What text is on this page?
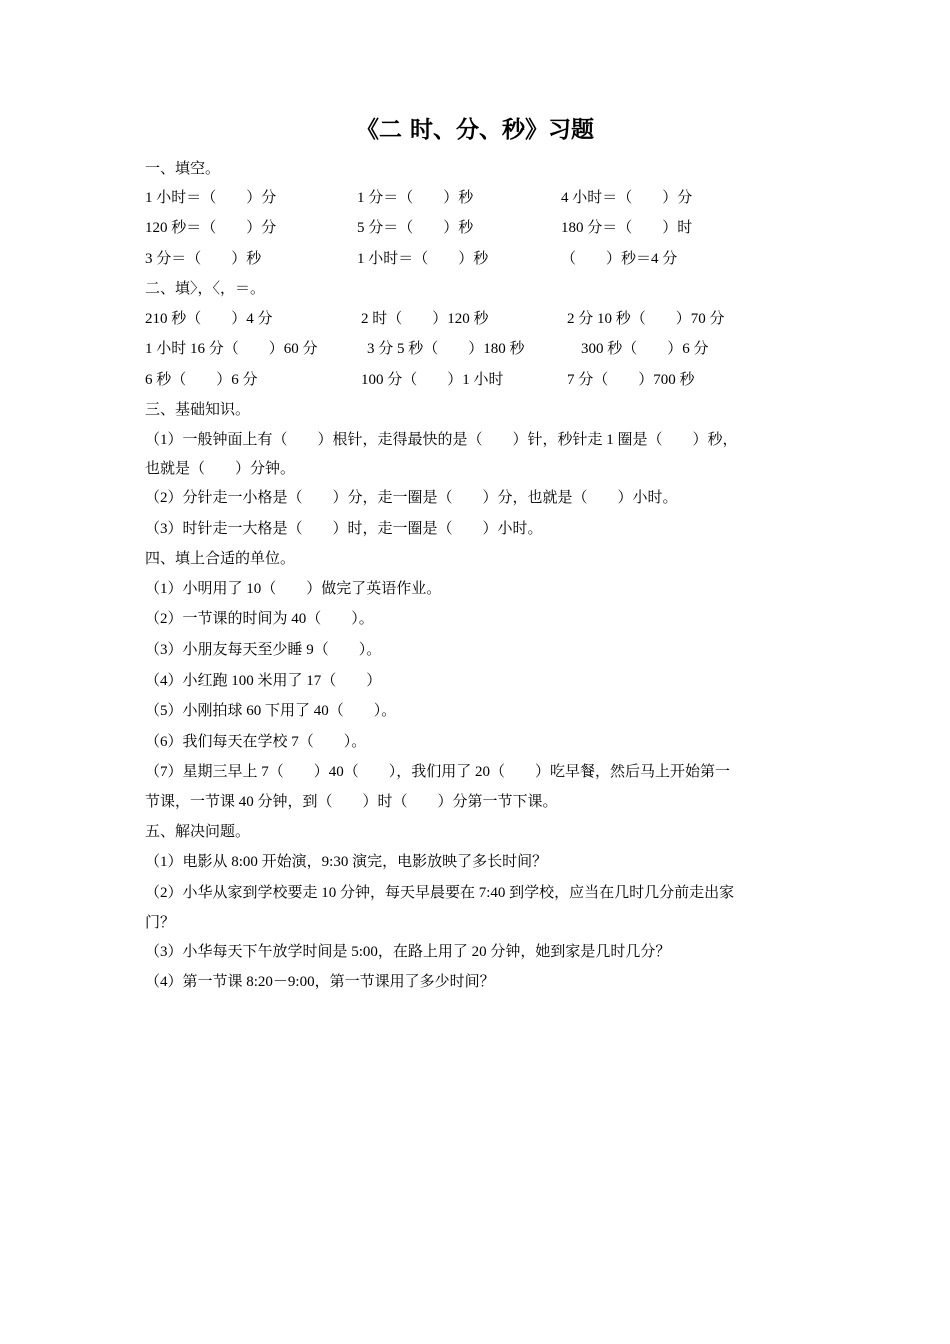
《二 时、分、秒》习题
一、填空。
1 小时＝（　　）分	1 分＝（　　）秒	4 小时＝（　　）分
120 秒＝（　　）分	5 分＝（　　）秒	180 分＝（　　）时
3 分＝（　　）秒	1 小时＝（　　）秒	（　　）秒＝4 分
二、填〉，〈，＝。
210 秒（　　）4 分	2 时（　　）120 秒	2 分 10 秒（　　）70 分
1 小时 16 分（　　）60 分	3 分 5 秒（　　）180 秒	300 秒（　　）6 分
6 秒（　　）6 分	100 分（　　）1 小时	7 分（　　）700 秒
三、基础知识。
（1）一般钟面上有（　　）根针，走得最快的是（　　）针，秒针走 1 圈是（　　）秒，
也就是（　　）分钟。
（2）分针走一小格是（　　）分，走一圈是（　　）分，也就是（　　）小时。
（3）时针走一大格是（　　）时，走一圈是（　　）小时。
四、填上合适的单位。
（1）小明用了 10（　　）做完了英语作业。
（2）一节课的时间为 40（　　）。
（3）小朋友每天至少睡 9（　　）。
（4）小红跑 100 米用了 17（　　）
（5）小刚拍球 60 下用了 40（　　）。
（6）我们每天在学校 7（　　）。
（7）星期三早上 7（　　）40（　　），我们用了 20（　　）吃早餐，然后马上开始第一
节课，一节课 40 分钟，到（　　）时（　　）分第一节下课。
五、解决问题。
（1）电影从 8:00 开始演，9:30 演完，电影放映了多长时间？
（2）小华从家到学校要走 10 分钟，每天早晨要在 7:40 到学校，应当在几时几分前走出家
门？
（3）小华每天下午放学时间是 5:00，在路上用了 20 分钟，她到家是几时几分？
（4）第一节课 8:20－9:00，第一节课用了多少时间？
